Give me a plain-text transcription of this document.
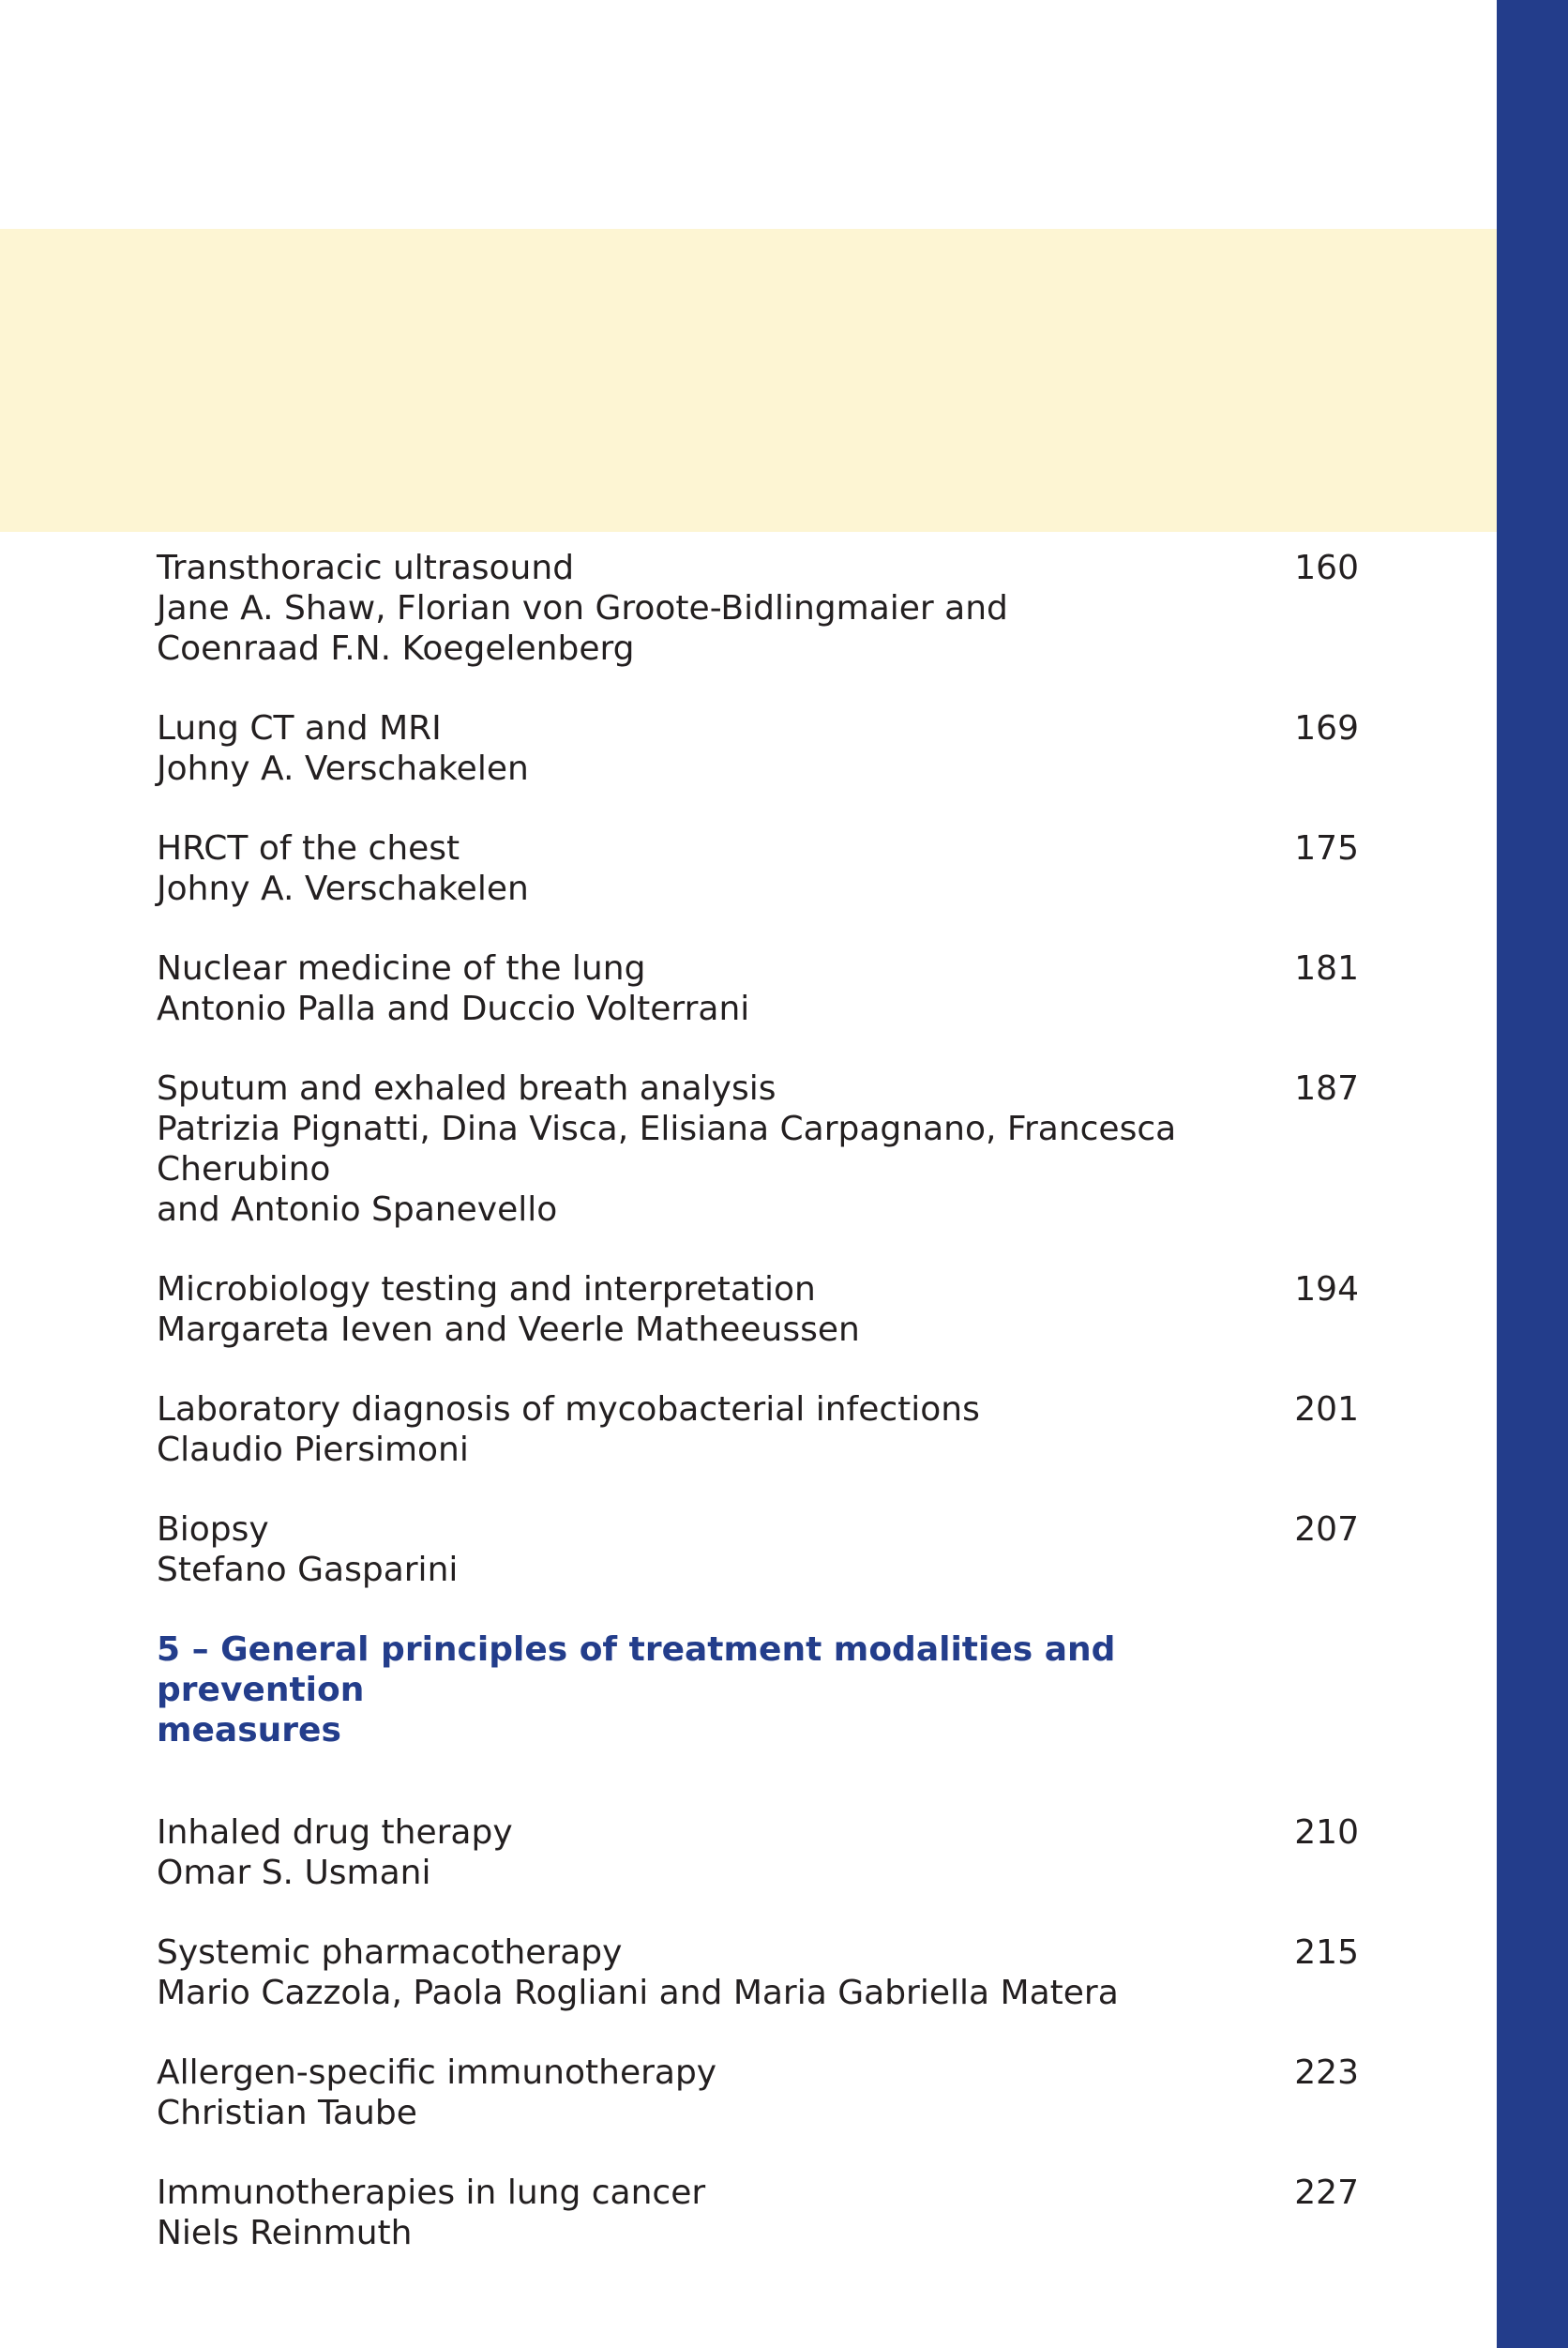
Transthoracic ultrasound
Jane A. Shaw, Florian von Groote-Bidlingmaier and
Coenraad F.N. Koegelenberg
160
Lung CT and MRI
Johny A. Verschakelen
169
HRCT of the chest
Johny A. Verschakelen
175
Nuclear medicine of the lung
Antonio Palla and Duccio Volterrani
181
Sputum and exhaled breath analysis
Patrizia Pignatti, Dina Visca, Elisiana Carpagnano, Francesca Cherubino
and Antonio Spanevello
187
Microbiology testing and interpretation
Margareta Ieven and Veerle Matheeussen
194
Laboratory diagnosis of mycobacterial infections
Claudio Piersimoni
201
Biopsy
Stefano Gasparini
207
5 – General principles of treatment modalities and prevention
measures
Inhaled drug therapy
Omar S. Usmani
210
Systemic pharmacotherapy
Mario Cazzola, Paola Rogliani and Maria Gabriella Matera
215
Allergen-specific immunotherapy
Christian Taube
223
Immunotherapies in lung cancer
Niels Reinmuth
227
